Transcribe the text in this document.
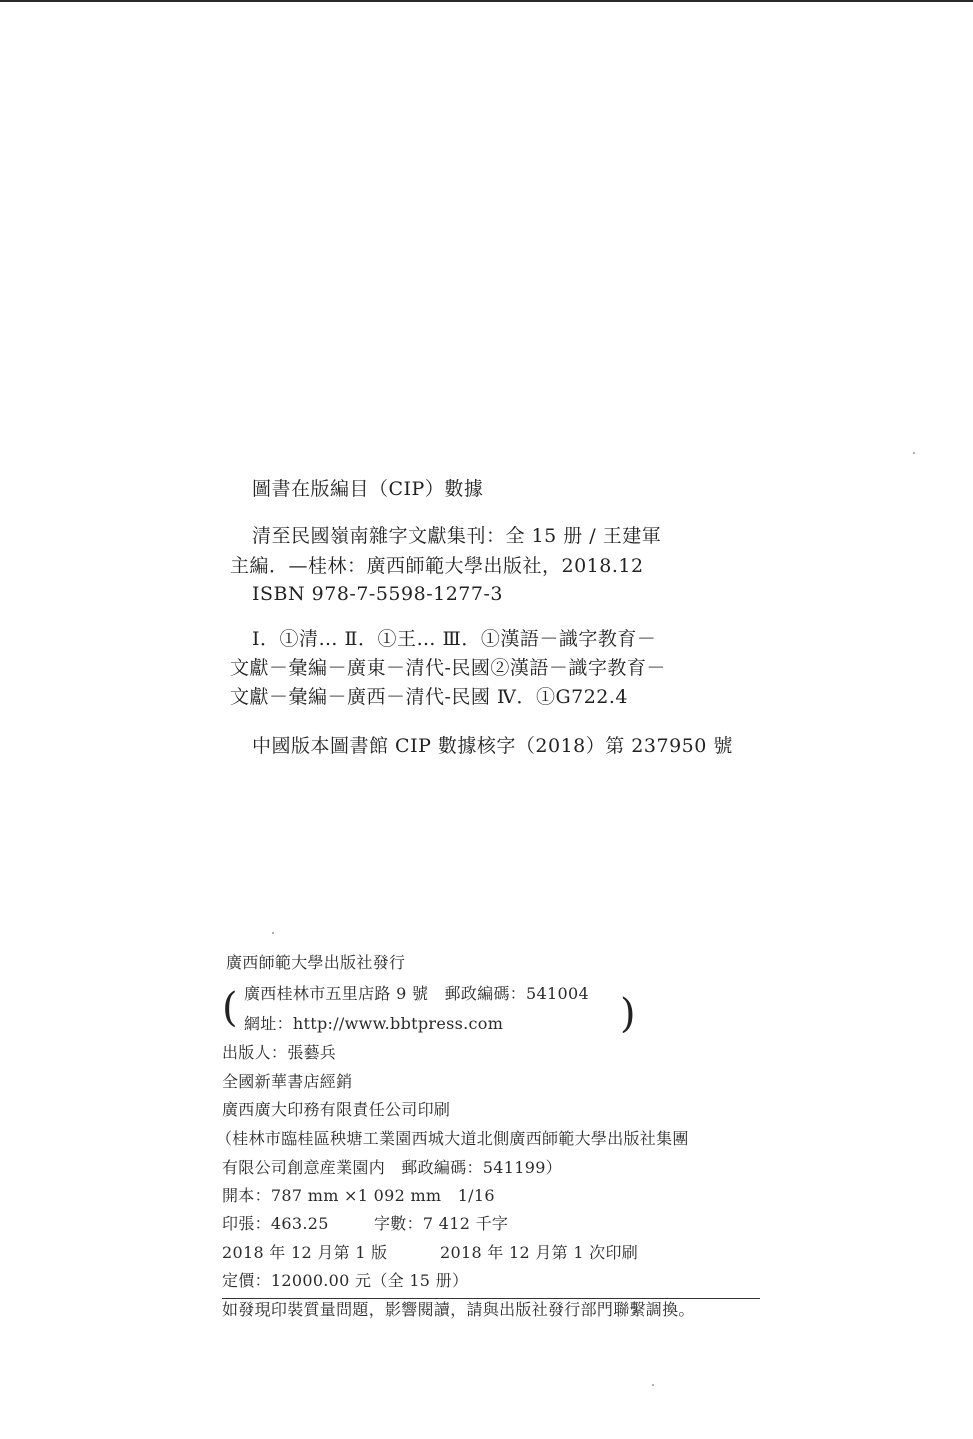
圖書在版編目（CIP）數據
清至民國嶺南雜字文獻集刊：全 15 册 / 王建軍
主編．—桂林：廣西師範大學出版社，2018.12
ISBN 978-7-5598-1277-3
Ⅰ．①清… Ⅱ．①王… Ⅲ．①漢語－識字教育－
文獻－彙編－廣東－清代-民國②漢語－識字教育－
文獻－彙編－廣西－清代-民國 Ⅳ．①G722.4
中國版本圖書館 CIP 數據核字（2018）第 237950 號
廣西師範大學出版社發行
( 廣西桂林市五里店路 9 號　郵政編碼：541004
網址：http://www.bbtpress.com	)
出版人：張藝兵
全國新華書店經銷
廣西廣大印務有限責任公司印刷
（桂林市臨桂區秧塘工業園西城大道北側廣西師範大學出版社集團
有限公司創意産業園内　郵政編碼：541199）
開本：787 mm ×1 092 mm　1/16
印張：463.25	字數：7 412 千字
2018 年 12 月第 1 版	2018 年 12 月第 1 次印刷
定價：12000.00 元（全 15 册）
如發現印裝質量問題，影響閱讀，請與出版社發行部門聯繫調換。
